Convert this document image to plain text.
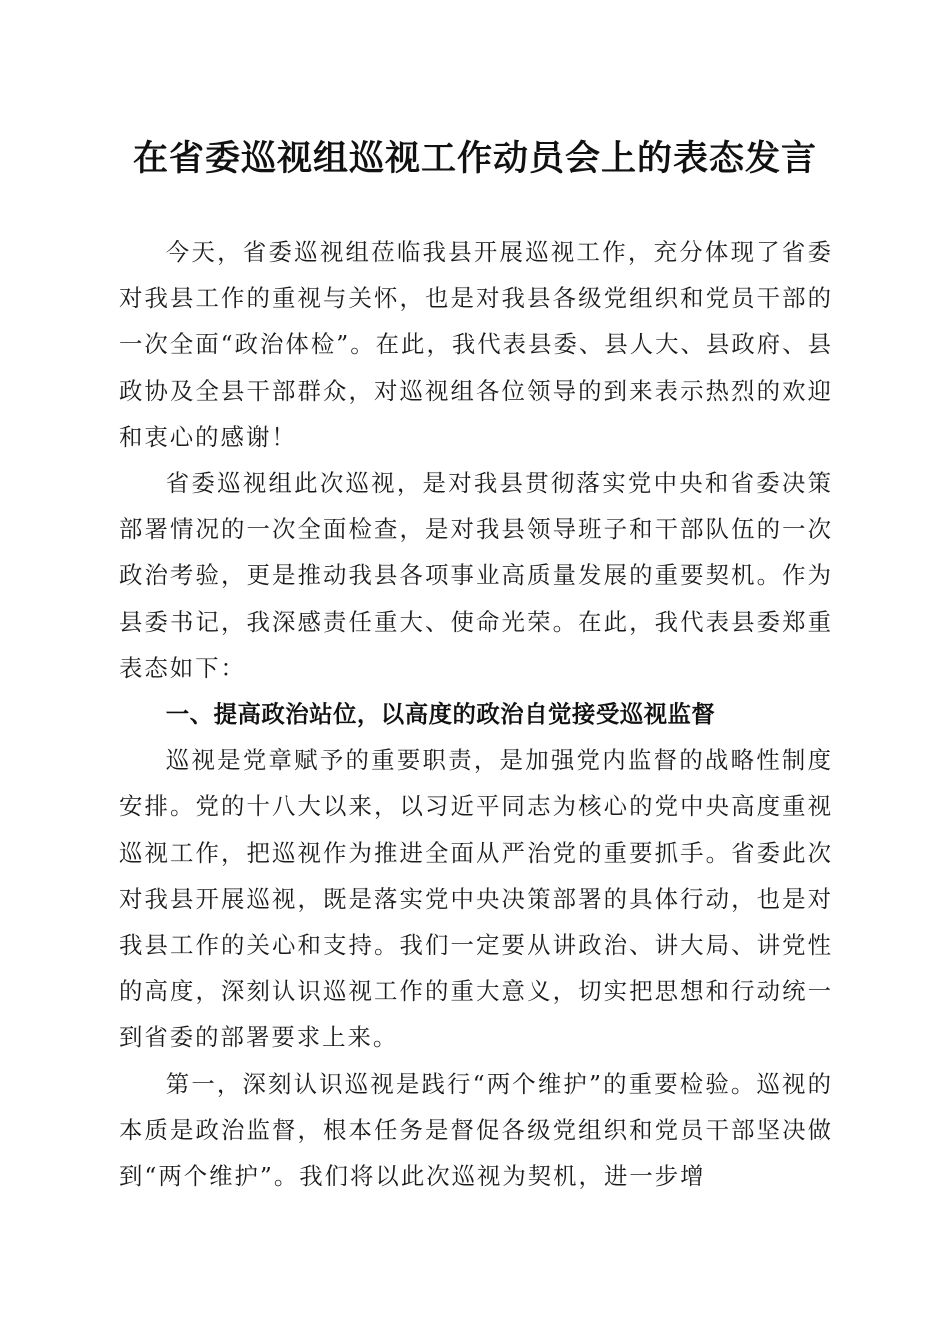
在省委巡视组巡视工作动员会上的表态发言

今天，省委巡视组莅临我县开展巡视工作，充分体现了省委对我县工作的重视与关怀，也是对我县各级党组织和党员干部的一次全面“政治体检”。在此，我代表县委、县人大、县政府、县政协及全县干部群众，对巡视组各位领导的到来表示热烈的欢迎和衷心的感谢！

省委巡视组此次巡视，是对我县贯彻落实党中央和省委决策部署情况的一次全面检查，是对我县领导班子和干部队伍的一次政治考验，更是推动我县各项事业高质量发展的重要契机。作为县委书记，我深感责任重大、使命光荣。在此，我代表县委郑重表态如下：

一、提高政治站位，以高度的政治自觉接受巡视监督

巡视是党章赋予的重要职责，是加强党内监督的战略性制度安排。党的十八大以来，以习近平同志为核心的党中央高度重视巡视工作，把巡视作为推进全面从严治党的重要抓手。省委此次对我县开展巡视，既是落实党中央决策部署的具体行动，也是对我县工作的关心和支持。我们一定要从讲政治、讲大局、讲党性的高度，深刻认识巡视工作的重大意义，切实把思想和行动统一到省委的部署要求上来。

第一，深刻认识巡视是践行“两个维护”的重要检验。巡视的本质是政治监督，根本任务是督促各级党组织和党员干部坚决做到“两个维护”。我们将以此次巡视为契机，进一步增
